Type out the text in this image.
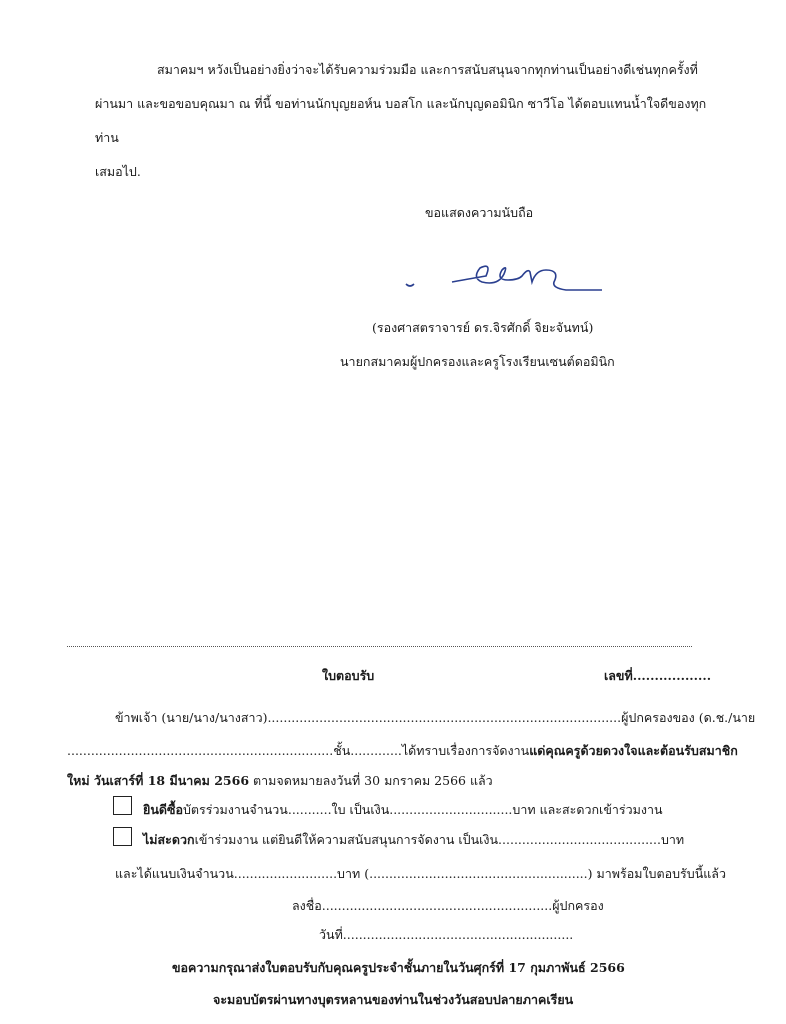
สมาคมฯ หวังเป็นอย่างยิ่งว่าจะได้รับความร่วมมือ และการสนับสนุนจากทุกท่านเป็นอย่างดีเช่นทุกครั้งที่
ผ่านมา และขอขอบคุณมา ณ ที่นี้ ขอท่านนักบุญยอห์น บอสโก และนักบุญดอมินิก ซาวีโอ ได้ตอบแทนน้ำใจดีของทุกท่าน
เสมอไป.
ขอแสดงความนับถือ
(รองศาสตราจารย์ ดร.จิรศักดิ์ จิยะจันทน์)
นายกสมาคมผู้ปกครองและครูโรงเรียนเซนต์ดอมินิก
ใบตอบรับ	เลขที่..................
ข้าพเจ้า (นาย/นาง/นางสาว).........................................................................................ผู้ปกครองของ (ด.ช./นาย
...................................................................ชั้น.............ได้ทราบเรื่องการจัดงานแด่คุณครูด้วยดวงใจและต้อนรับสมาชิก
ใหม่ วันเสาร์ที่ 18 มีนาคม 2566 ตามจดหมายลงวันที่ 30 มกราคม 2566 แล้ว
ยินดีซื้อบัตรร่วมงานจำนวน...........ใบ เป็นเงิน...............................บาท และสะดวกเข้าร่วมงาน
ไม่สะดวกเข้าร่วมงาน แต่ยินดีให้ความสนับสนุนการจัดงาน เป็นเงิน.........................................บาท
และได้แนบเงินจำนวน..........................บาท (.......................................................) มาพร้อมใบตอบรับนี้แล้ว
ลงชื่อ..........................................................ผู้ปกครอง
วันที่..........................................................
ขอความกรุณาส่งใบตอบรับกับคุณครูประจำชั้นภายในวันศุกร์ที่ 17 กุมภาพันธ์ 2566
จะมอบบัตรผ่านทางบุตรหลานของท่านในช่วงวันสอบปลายภาคเรียน
